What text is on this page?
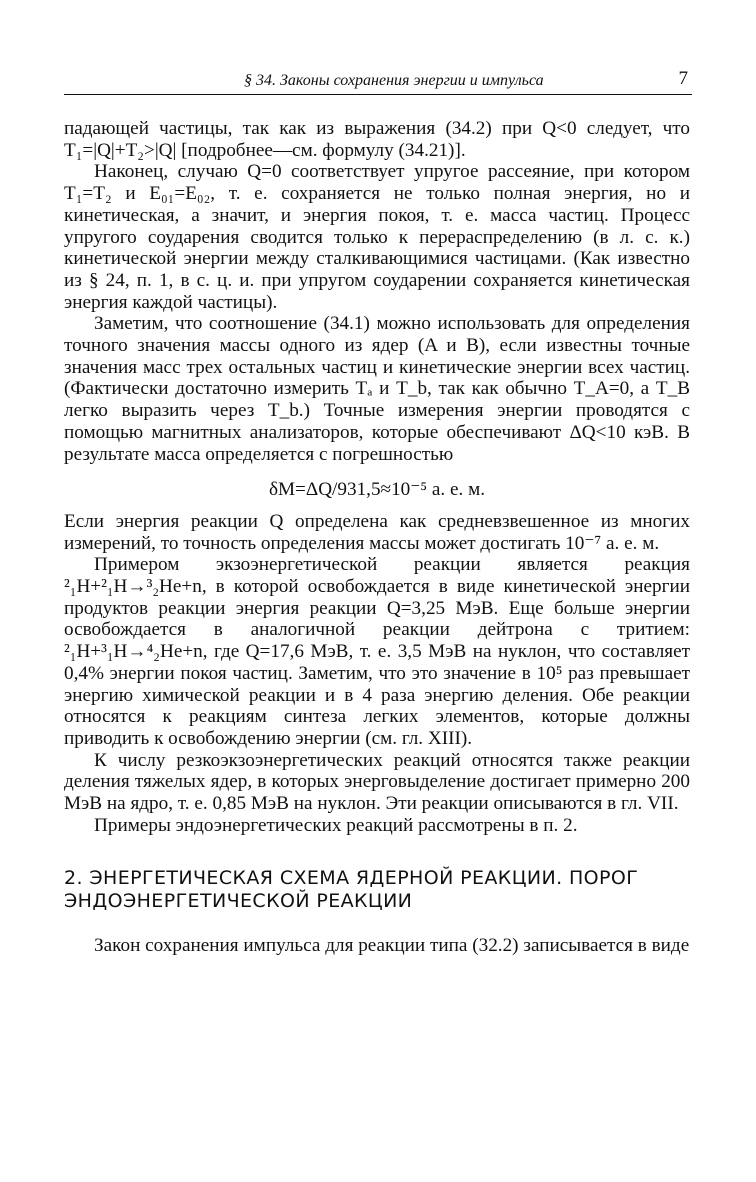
§ 34. Законы сохранения энергии и импульса	7

падающей частицы, так как из выражения (34.2) при Q<0 следует, что T₁=|Q|+T₂>|Q| [подробнее—см. формулу (34.21)].

Наконец, случаю Q=0 соответствует упругое рассеяние, при котором T₁=T₂ и E₀₁=E₀₂, т. е. сохраняется не только полная энергия, но и кинетическая, а значит, и энергия покоя, т. е. масса частиц. Процесс упругого соударения сводится только к перераспределению (в л. с. к.) кинетической энергии между сталкивающимися частицами. (Как известно из § 24, п. 1, в с. ц. и. при упругом соударении сохраняется кинетическая энергия каждой частицы).

Заметим, что соотношение (34.1) можно использовать для определения точного значения массы одного из ядер (A и B), если известны точные значения масс трех остальных частиц и кинетические энергии всех частиц. (Фактически достаточно измерить Tₐ и T_b, так как обычно T_A=0, а T_B легко выразить через T_b.) Точные измерения энергии проводятся с помощью магнитных анализаторов, которые обеспечивают ΔQ<10 кэВ. В результате масса определяется с погрешностью

δM=ΔQ/931,5≈10⁻⁵ а. е. м.

Если энергия реакции Q определена как средневзвешенное из многих измерений, то точность определения массы может достигать 10⁻⁷ а. е. м.

Примером экзоэнергетической реакции является реакция ²₁H+²₁H→³₂He+n, в которой освобождается в виде кинетической энергии продуктов реакции энергия реакции Q=3,25 МэВ. Еще больше энергии освобождается в аналогичной реакции дейтрона с тритием: ²₁H+³₁H→⁴₂He+n, где Q=17,6 МэВ, т. е. 3,5 МэВ на нуклон, что составляет 0,4% энергии покоя частиц. Заметим, что это значение в 10⁵ раз превышает энергию химической реакции и в 4 раза энергию деления. Обе реакции относятся к реакциям синтеза легких элементов, которые должны приводить к освобождению энергии (см. гл. XIII).

К числу резкоэкзоэнергетических реакций относятся также реакции деления тяжелых ядер, в которых энерговыделение достигает примерно 200 МэВ на ядро, т. е. 0,85 МэВ на нуклон. Эти реакции описываются в гл. VII.

Примеры эндоэнергетических реакций рассмотрены в п. 2.

2. ЭНЕРГЕТИЧЕСКАЯ СХЕМА ЯДЕРНОЙ РЕАКЦИИ. ПОРОГ ЭНДОЭНЕРГЕТИЧЕСКОЙ РЕАКЦИИ

Закон сохранения импульса для реакции типа (32.2) записывается в виде
